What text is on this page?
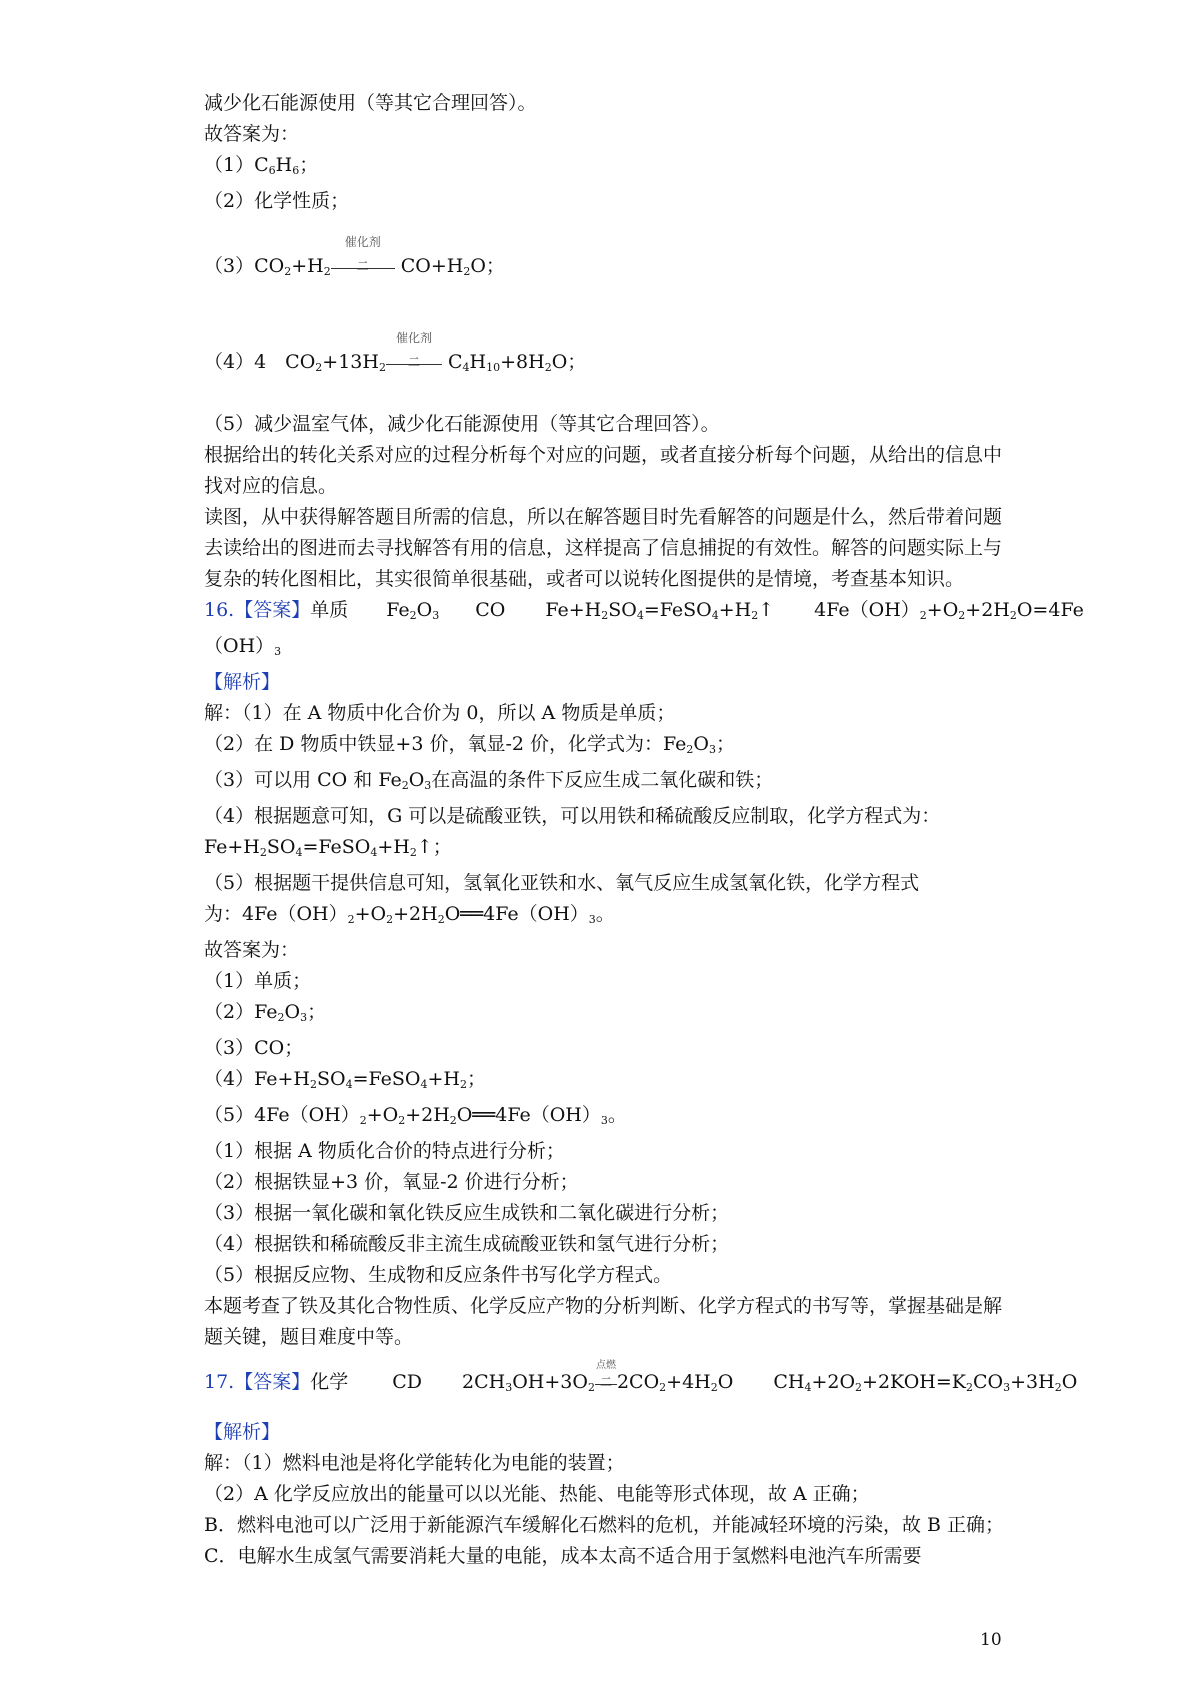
减少化石能源使用（等其它合理回答）。
故答案为：
$(1)C_6H_6$；
（2）化学性质；
$(3)CO_2+H_2$
催化剂
二 $CO+H_2O$；
（4）4　$CO_2+13H_2$
催化剂
二 $C_4H_{10}+8H_2O$；
（5）减少温室气体，减少化石能源使用（等其它合理回答）。
根据给出的转化关系对应的过程分析每个对应的问题，或者直接分析每个问题，从给出的信息中找对应的信息。
读图，从中获得解答题目所需的信息，所以在解答题目时先看解答的问题是什么，然后带着问题去读给出的图进而去寻找解答有用的信息，这样提高了信息捕捉的有效性。解答的问题实际上与复杂的转化图相比，其实很简单很基础，或者可以说转化图提供的是情境，考查基本知识。
16.【答案】单质 $Fe_2O_3$ CO $Fe+H_2SO_4=FeSO_4+H_2↑$ $4Fe(OH)_2+O_2+2H_2O=4Fe$
$(OH)_3$
【解析】
解：（1）在 A 物质中化合价为 0，所以 A 物质是单质；
（2）在 D 物质中铁显+3 价，氧显-2 价，化学式为：$Fe_2O_3$；
（3）可以用 CO 和 $Fe_2O_3$在高温的条件下反应生成二氧化碳和铁；
（4）根据题意可知，G 可以是硫酸亚铁，可以用铁和稀硫酸反应制取，化学方程式为：
$Fe+H_2SO_4=FeSO_4+H_2↑$；
（5）根据题干提供信息可知，氢氧化亚铁和水、氧气反应生成氢氧化铁，化学方程式
为：$4Fe(OH)_2+O_2+2H_2O══4Fe(OH)_3$。
故答案为：
（1）单质；
$(2)Fe_2O_3$；
（3）CO；
$(4)Fe+H_2SO_4=FeSO_4+H_2$；
$(5)4Fe(OH)_2+O_2+2H_2O══4Fe(OH)_3$。
（1）根据 A 物质化合价的特点进行分析；
（2）根据铁显+3 价，氧显-2 价进行分析；
（3）根据一氧化碳和氧化铁反应生成铁和二氧化碳进行分析；
（4）根据铁和稀硫酸反非主流生成硫酸亚铁和氢气进行分析；
（5）根据反应物、生成物和反应条件书写化学方程式。
本题考查了铁及其化合物性质、化学反应产物的分析判断、化学方程式的书写等，掌握基础是解题关键，题目难度中等。
17.【答案】化学 CD $2CH_3OH+3O_2$
点燃
二 $2CO_2+4H_2O$ $CH_4+2O_2+2KOH=K_2CO_3+3H_2O$
【解析】
解：（1）燃料电池是将化学能转化为电能的装置；
（2）A 化学反应放出的能量可以以光能、热能、电能等形式体现，故 A 正确；
B．燃料电池可以广泛用于新能源汽车缓解化石燃料的危机，并能减轻环境的污染，故 B 正确；
C．电解水生成氢气需要消耗大量的电能，成本太高不适合用于氢燃料电池汽车所需要
10
